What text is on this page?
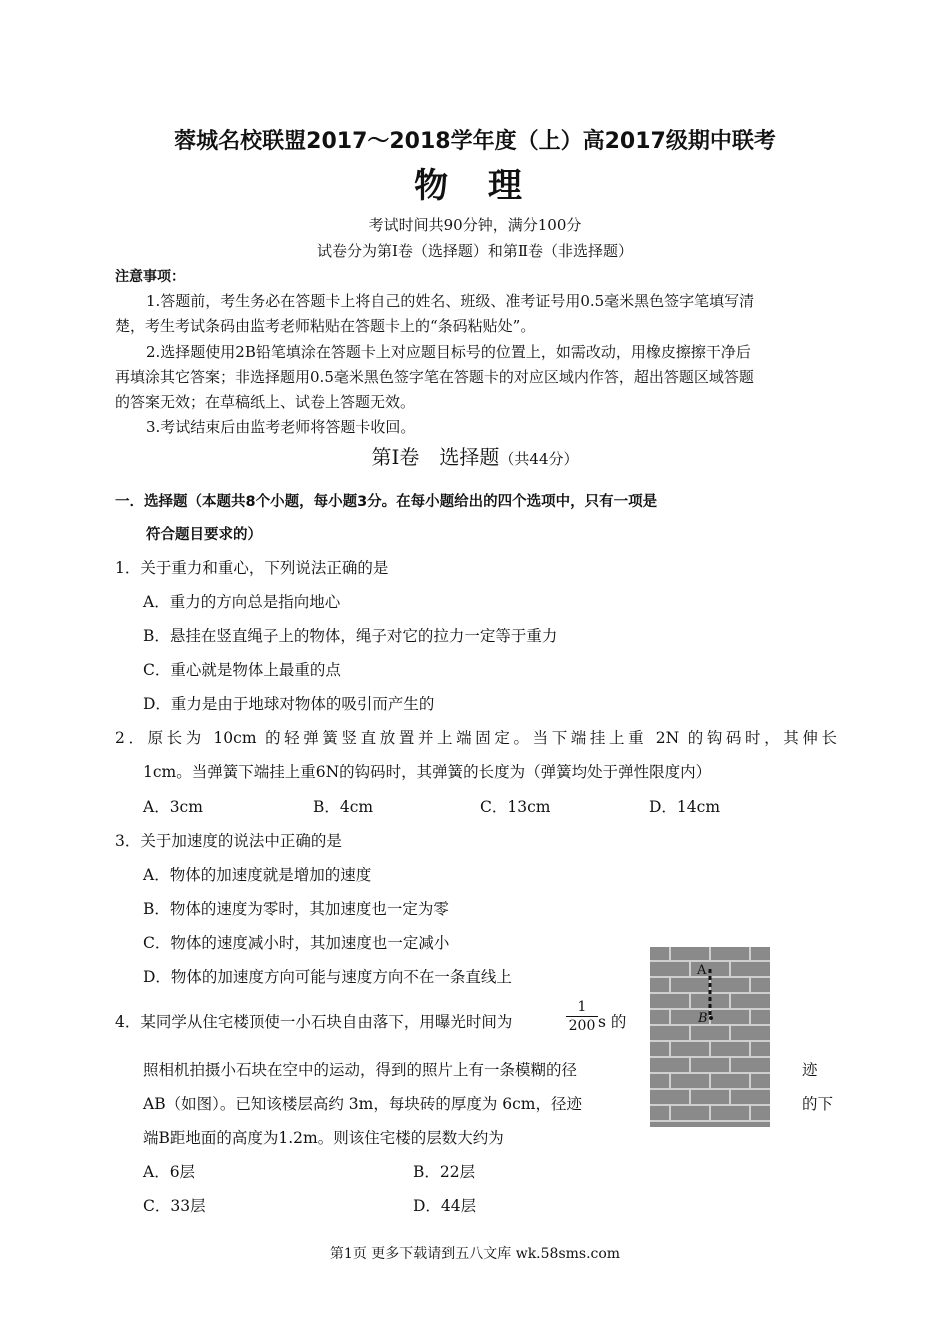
蓉城名校联盟2017～2018学年度（上）高2017级期中联考
物 理
考试时间共90分钟，满分100分
试卷分为第Ⅰ卷（选择题）和第Ⅱ卷（非选择题）
注意事项：
1.答题前，考生务必在答题卡上将自己的姓名、班级、准考证号用0.5毫米黑色签字笔填写清
楚，考生考试条码由监考老师粘贴在答题卡上的“条码粘贴处”。
2.选择题使用2B铅笔填涂在答题卡上对应题目标号的位置上，如需改动，用橡皮擦擦干净后
再填涂其它答案；非选择题用0.5毫米黑色签字笔在答题卡的对应区域内作答，超出答题区域答题
的答案无效；在草稿纸上、试卷上答题无效。
3.考试结束后由监考老师将答题卡收回。
第Ⅰ卷　选择题（共44分）
一．选择题（本题共8个小题，每小题3分。在每小题给出的四个选项中，只有一项是
符合题目要求的）
1．关于重力和重心，下列说法正确的是
A．重力的方向总是指向地心
B．悬挂在竖直绳子上的物体，绳子对它的拉力一定等于重力
C．重心就是物体上最重的点
D．重力是由于地球对物体的吸引而产生的
2．原长为 10cm 的轻弹簧竖直放置并上端固定。当下端挂上重 2N 的钩码时，其伸长
1cm。当弹簧下端挂上重6N的钩码时，其弹簧的长度为（弹簧均处于弹性限度内）
A．3cm	B．4cm	C．13cm	D．14cm
3．关于加速度的说法中正确的是
A．物体的加速度就是增加的速度
B．物体的速度为零时，其加速度也一定为零
C．物体的速度减小时，其加速度也一定减小
D．物体的加速度方向可能与速度方向不在一条直线上
4．某同学从住宅楼顶使一小石块自由落下，用曝光时间为	$\frac{1}{200}$ s 的
照相机拍摄小石块在空中的运动，得到的照片上有一条模糊的径	迹
AB（如图）。已知该楼层高约 3m，每块砖的厚度为 6cm，径迹	的下
端B距地面的高度为1.2m。则该住宅楼的层数大约为
A．6层	B．22层
C．33层	D．44层
A
B
第1页 更多下载请到五八文库 wk.58sms.com
